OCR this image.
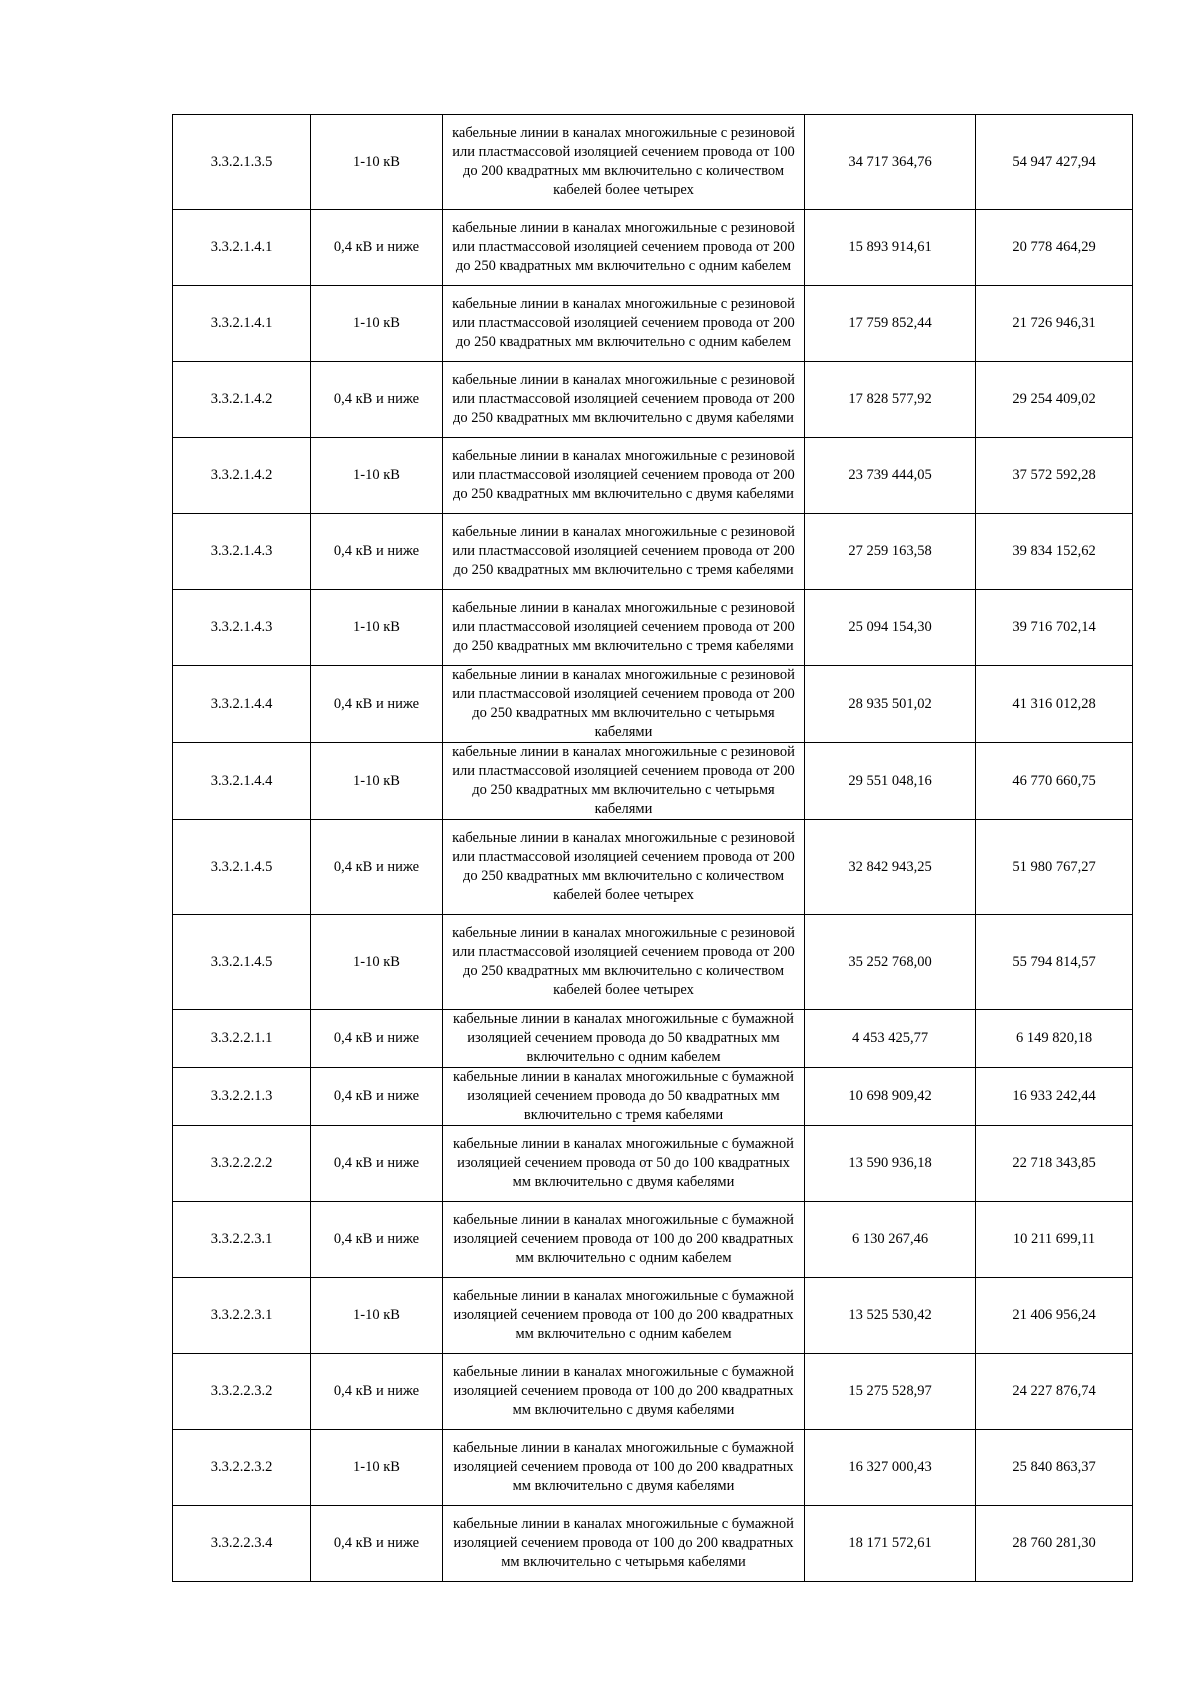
3.3.2.1.3.5	1-10 кВ	кабельные линии в каналах многожильные с резиновой или пластмассовой изоляцией сечением провода от 100 до 200 квадратных мм включительно с количеством кабелей более четырех	34 717 364,76	54 947 427,94
3.3.2.1.4.1	0,4 кВ и ниже	кабельные линии в каналах многожильные с резиновой или пластмассовой изоляцией сечением провода от 200 до 250 квадратных мм включительно с одним кабелем	15 893 914,61	20 778 464,29
3.3.2.1.4.1	1-10 кВ	кабельные линии в каналах многожильные с резиновой или пластмассовой изоляцией сечением провода от 200 до 250 квадратных мм включительно с одним кабелем	17 759 852,44	21 726 946,31
3.3.2.1.4.2	0,4 кВ и ниже	кабельные линии в каналах многожильные с резиновой или пластмассовой изоляцией сечением провода от 200 до 250 квадратных мм включительно с двумя кабелями	17 828 577,92	29 254 409,02
3.3.2.1.4.2	1-10 кВ	кабельные линии в каналах многожильные с резиновой или пластмассовой изоляцией сечением провода от 200 до 250 квадратных мм включительно с двумя кабелями	23 739 444,05	37 572 592,28
3.3.2.1.4.3	0,4 кВ и ниже	кабельные линии в каналах многожильные с резиновой или пластмассовой изоляцией сечением провода от 200 до 250 квадратных мм включительно с тремя кабелями	27 259 163,58	39 834 152,62
3.3.2.1.4.3	1-10 кВ	кабельные линии в каналах многожильные с резиновой или пластмассовой изоляцией сечением провода от 200 до 250 квадратных мм включительно с тремя кабелями	25 094 154,30	39 716 702,14
3.3.2.1.4.4	0,4 кВ и ниже	кабельные линии в каналах многожильные с резиновой или пластмассовой изоляцией сечением провода от 200 до 250 квадратных мм включительно с четырьмя кабелями	28 935 501,02	41 316 012,28
3.3.2.1.4.4	1-10 кВ	кабельные линии в каналах многожильные с резиновой или пластмассовой изоляцией сечением провода от 200 до 250 квадратных мм включительно с четырьмя кабелями	29 551 048,16	46 770 660,75
3.3.2.1.4.5	0,4 кВ и ниже	кабельные линии в каналах многожильные с резиновой или пластмассовой изоляцией сечением провода от 200 до 250 квадратных мм включительно с количеством кабелей более четырех	32 842 943,25	51 980 767,27
3.3.2.1.4.5	1-10 кВ	кабельные линии в каналах многожильные с резиновой или пластмассовой изоляцией сечением провода от 200 до 250 квадратных мм включительно с количеством кабелей более четырех	35 252 768,00	55 794 814,57
3.3.2.2.1.1	0,4 кВ и ниже	кабельные линии в каналах многожильные с бумажной изоляцией сечением провода до 50 квадратных мм включительно с одним кабелем	4 453 425,77	6 149 820,18
3.3.2.2.1.3	0,4 кВ и ниже	кабельные линии в каналах многожильные с бумажной изоляцией сечением провода до 50 квадратных мм включительно с тремя кабелями	10 698 909,42	16 933 242,44
3.3.2.2.2.2	0,4 кВ и ниже	кабельные линии в каналах многожильные с бумажной изоляцией сечением провода от 50 до 100 квадратных мм включительно с двумя кабелями	13 590 936,18	22 718 343,85
3.3.2.2.3.1	0,4 кВ и ниже	кабельные линии в каналах многожильные с бумажной изоляцией сечением провода от 100 до 200 квадратных мм включительно с одним кабелем	6 130 267,46	10 211 699,11
3.3.2.2.3.1	1-10 кВ	кабельные линии в каналах многожильные с бумажной изоляцией сечением провода от 100 до 200 квадратных мм включительно с одним кабелем	13 525 530,42	21 406 956,24
3.3.2.2.3.2	0,4 кВ и ниже	кабельные линии в каналах многожильные с бумажной изоляцией сечением провода от 100 до 200 квадратных мм включительно с двумя кабелями	15 275 528,97	24 227 876,74
3.3.2.2.3.2	1-10 кВ	кабельные линии в каналах многожильные с бумажной изоляцией сечением провода от 100 до 200 квадратных мм включительно с двумя кабелями	16 327 000,43	25 840 863,37
3.3.2.2.3.4	0,4 кВ и ниже	кабельные линии в каналах многожильные с бумажной изоляцией сечением провода от 100 до 200 квадратных мм включительно с четырьмя кабелями	18 171 572,61	28 760 281,30
